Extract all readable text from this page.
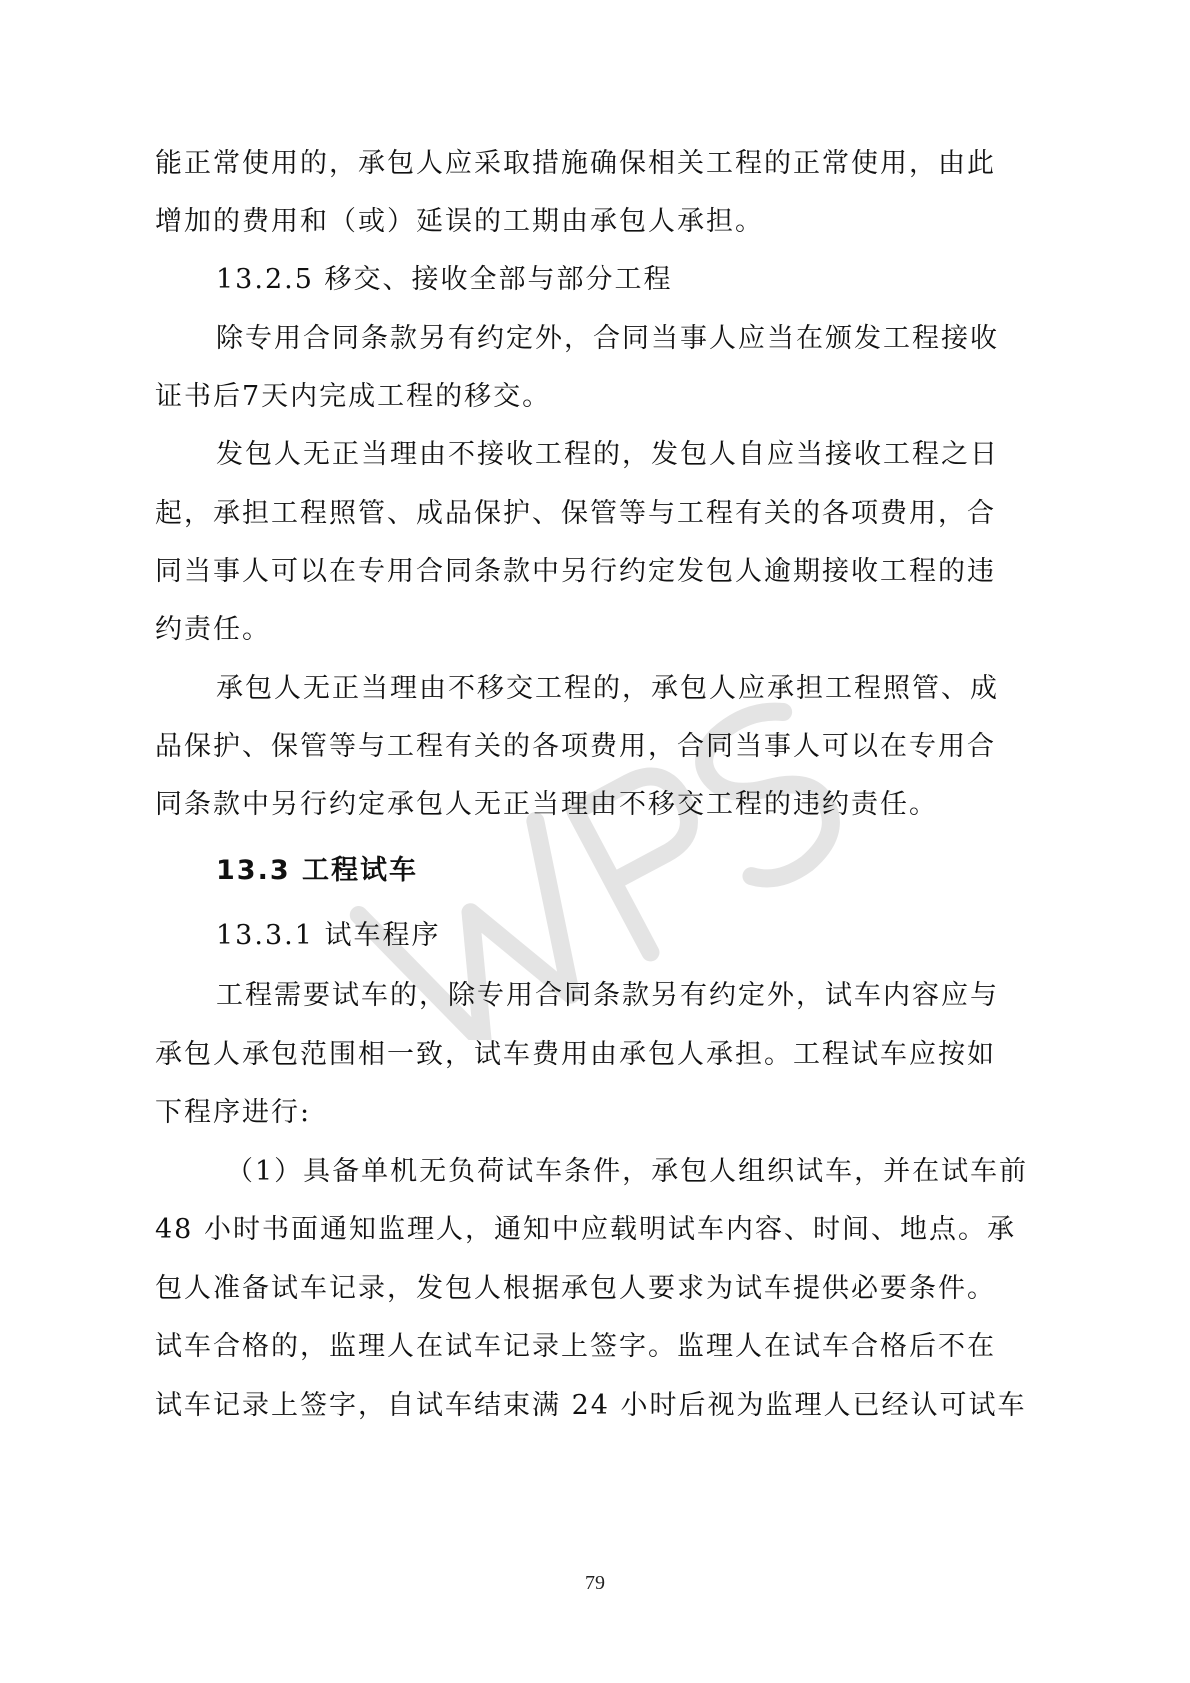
能正常使用的，承包人应采取措施确保相关工程的正常使用，由此
增加的费用和（或）延误的工期由承包人承担。
13.2.5 移交、接收全部与部分工程
除专用合同条款另有约定外，合同当事人应当在颁发工程接收
证书后7天内完成工程的移交。
发包人无正当理由不接收工程的，发包人自应当接收工程之日
起，承担工程照管、成品保护、保管等与工程有关的各项费用，合
同当事人可以在专用合同条款中另行约定发包人逾期接收工程的违
约责任。
承包人无正当理由不移交工程的，承包人应承担工程照管、成
品保护、保管等与工程有关的各项费用，合同当事人可以在专用合
同条款中另行约定承包人无正当理由不移交工程的违约责任。
13.3 工程试车
13.3.1 试车程序
工程需要试车的，除专用合同条款另有约定外，试车内容应与
承包人承包范围相一致，试车费用由承包人承担。工程试车应按如
下程序进行:
（1）具备单机无负荷试车条件，承包人组织试车，并在试车前
48 小时书面通知监理人，通知中应载明试车内容、时间、地点。承
包人准备试车记录，发包人根据承包人要求为试车提供必要条件。
试车合格的，监理人在试车记录上签字。监理人在试车合格后不在
试车记录上签字，自试车结束满 24 小时后视为监理人已经认可试车
79
